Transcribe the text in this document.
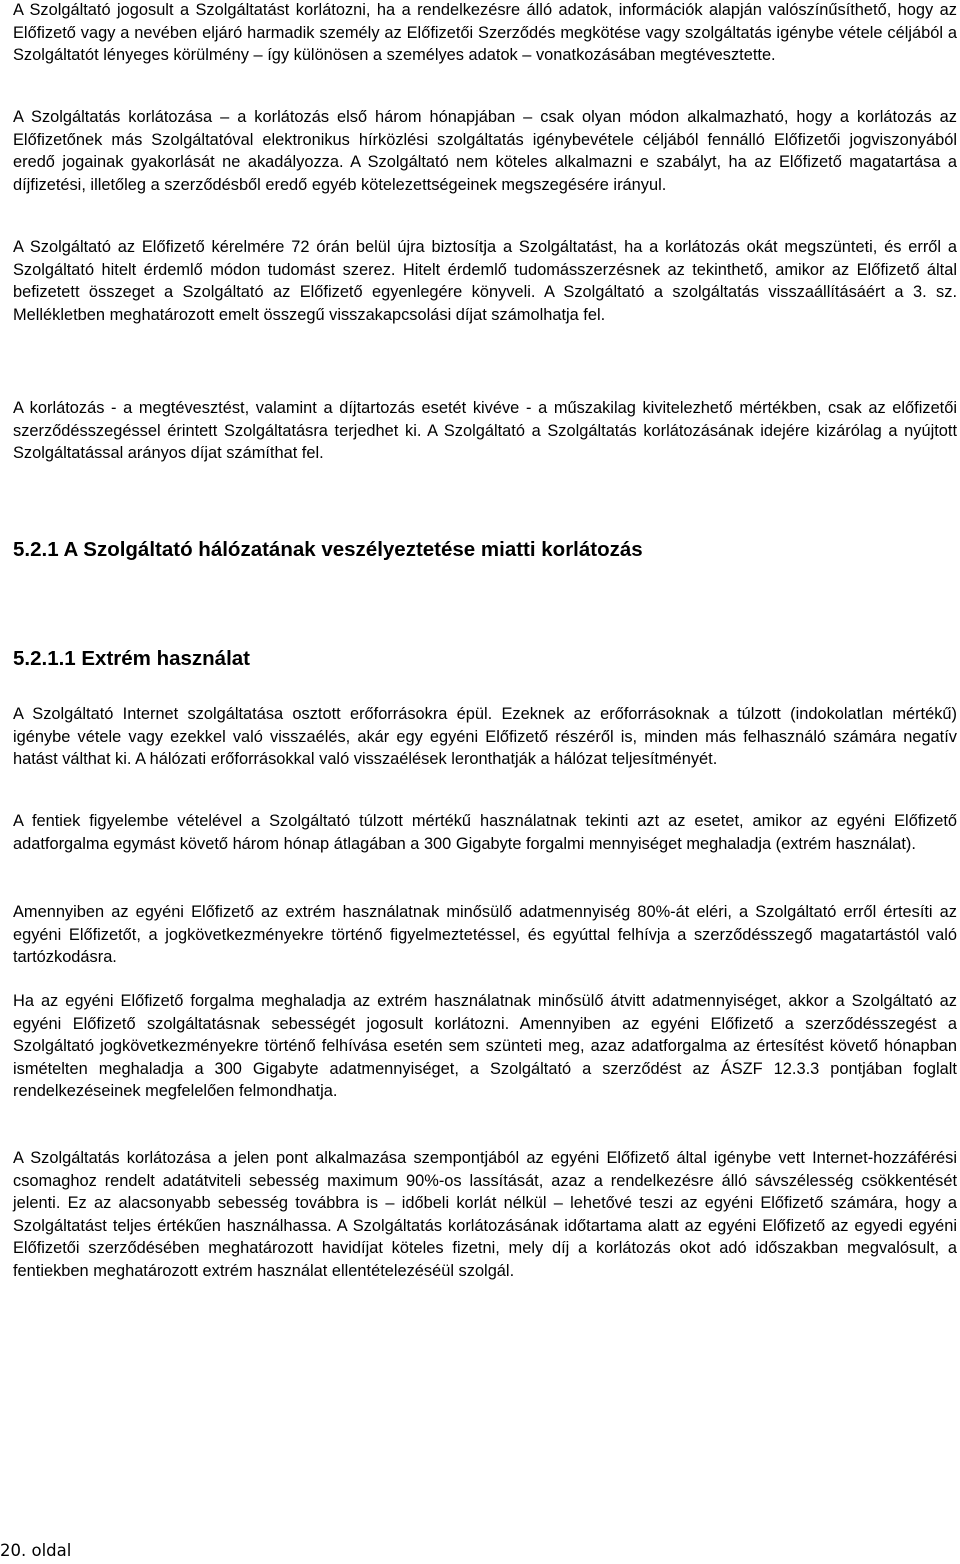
A Szolgáltató jogosult a Szolgáltatást korlátozni, ha a rendelkezésre álló adatok, információk alapján valószínűsíthető, hogy az Előfizető vagy a nevében eljáró harmadik személy az Előfizetői Szerződés megkötése vagy szolgáltatás igénybe vétele céljából a Szolgáltatót lényeges körülmény – így különösen a személyes adatok – vonatkozásában megtévesztette.

A Szolgáltatás korlátozása – a korlátozás első három hónapjában – csak olyan módon alkalmazható, hogy a korlátozás az Előfizetőnek más Szolgáltatóval elektronikus hírközlési szolgáltatás igénybevétele céljából fennálló Előfizetői jogviszonyából eredő jogainak gyakorlását ne akadályozza. A Szolgáltató nem köteles alkalmazni e szabályt, ha az Előfizető magatartása a díjfizetési, illetőleg a szerződésből eredő egyéb kötelezettségeinek megszegésére irányul.

A Szolgáltató az Előfizető kérelmére 72 órán belül újra biztosítja a Szolgáltatást, ha a korlátozás okát megszünteti, és erről a Szolgáltató hitelt érdemlő módon tudomást szerez. Hitelt érdemlő tudomásszerzésnek az tekinthető, amikor az Előfizető által befizetett összeget a Szolgáltató az Előfizető egyenlegére könyveli. A Szolgáltató a szolgáltatás visszaállításáért a 3. sz. Mellékletben meghatározott emelt összegű visszakapcsolási díjat számolhatja fel.

A korlátozás - a megtévesztést, valamint a díjtartozás esetét kivéve - a műszakilag kivitelezhető mértékben, csak az előfizetői szerződésszegéssel érintett Szolgáltatásra terjedhet ki. A Szolgáltató a Szolgáltatás korlátozásának idejére kizárólag a nyújtott Szolgáltatással arányos díjat számíthat fel.

5.2.1 A Szolgáltató hálózatának veszélyeztetése miatti korlátozás
5.2.1.1 Extrém használat

A Szolgáltató Internet szolgáltatása osztott erőforrásokra épül. Ezeknek az erőforrásoknak a túlzott (indokolatlan mértékű) igénybe vétele vagy ezekkel való visszaélés, akár egy egyéni Előfizető részéről is, minden más felhasználó számára negatív hatást válthat ki. A hálózati erőforrásokkal való visszaélések leronthatják a hálózat teljesítményét.

A fentiek figyelembe vételével a Szolgáltató túlzott mértékű használatnak tekinti azt az esetet, amikor az egyéni Előfizető adatforgalma egymást követő három hónap átlagában a 300 Gigabyte forgalmi mennyiséget meghaladja (extrém használat).

Amennyiben az egyéni Előfizető az extrém használatnak minősülő adatmennyiség 80%-át eléri, a Szolgáltató erről értesíti az egyéni Előfizetőt, a jogkövetkezményekre történő figyelmeztetéssel, és egyúttal felhívja a szerződésszegő magatartástól való tartózkodásra.

Ha az egyéni Előfizető forgalma meghaladja az extrém használatnak minősülő átvitt adatmennyiséget, akkor a Szolgáltató az egyéni Előfizető szolgáltatásnak sebességét jogosult korlátozni. Amennyiben az egyéni Előfizető a szerződésszegést a Szolgáltató jogkövetkezményekre történő felhívása esetén sem szünteti meg, azaz adatforgalma az értesítést követő hónapban ismételten meghaladja a 300 Gigabyte adatmennyiséget, a Szolgáltató a szerződést az ÁSZF 12.3.3 pontjában foglalt rendelkezéseinek megfelelően felmondhatja.

A Szolgáltatás korlátozása a jelen pont alkalmazása szempontjából az egyéni Előfizető által igénybe vett Internet-hozzáférési csomaghoz rendelt adatátviteli sebesség maximum 90%-os lassítását, azaz a rendelkezésre álló sávszélesség csökkentését jelenti. Ez az alacsonyabb sebesség továbbra is – időbeli korlát nélkül – lehetővé teszi az egyéni Előfizető számára, hogy a Szolgáltatást teljes értékűen használhassa. A Szolgáltatás korlátozásának időtartama alatt az egyéni Előfizető az egyedi egyéni Előfizetői szerződésében meghatározott havidíjat köteles fizetni, mely díj a korlátozás okot adó időszakban megvalósult, a fentiekben meghatározott extrém használat ellentételezéséül szolgál.

20. oldal
